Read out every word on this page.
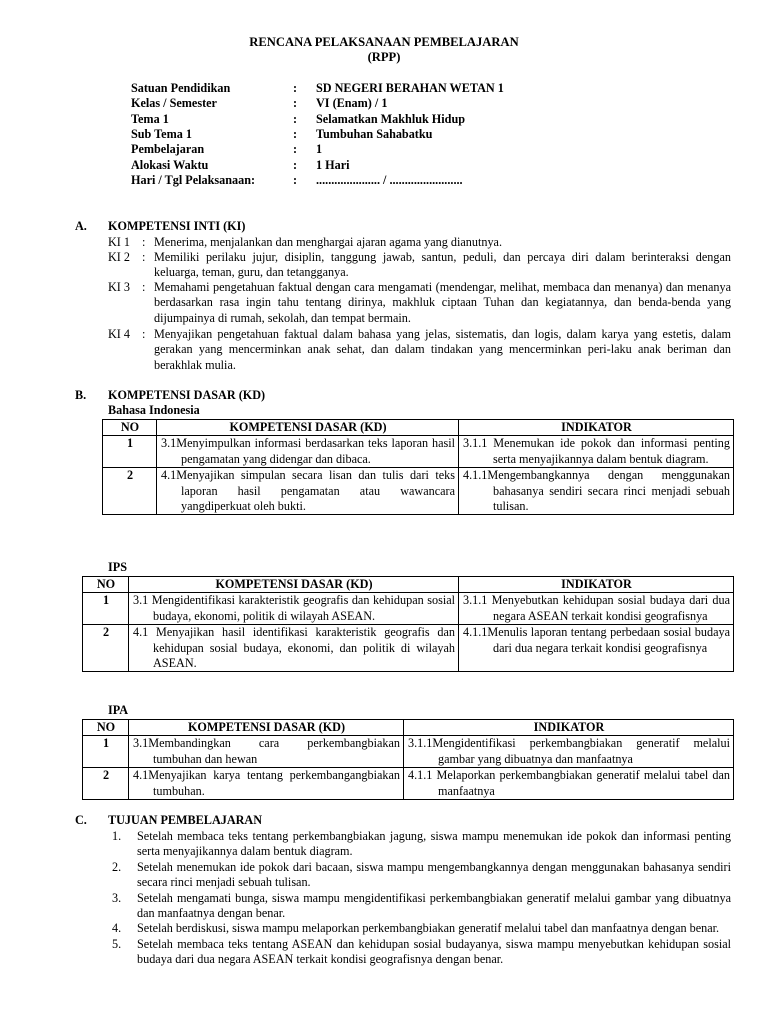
RENCANA PELAKSANAAN PEMBELAJARAN
(RPP)
Satuan Pendidikan	: SD NEGERI BERAHAN WETAN 1
Kelas / Semester	: VI (Enam) / 1
Tema 1	: Selamatkan Makhluk Hidup
Sub Tema 1	: Tumbuhan Sahabatku
Pembelajaran	: 1
Alokasi Waktu	: 1 Hari
Hari / Tgl Pelaksanaan:	: ..................... / ........................
A. KOMPETENSI INTI (KI)
KI 1 : Menerima, menjalankan dan menghargai ajaran agama yang dianutnya.
KI 2 : Memiliki perilaku jujur, disiplin, tanggung jawab, santun, peduli, dan percaya diri dalam berinteraksi dengan keluarga, teman, guru, dan tetangganya.
KI 3 : Memahami pengetahuan faktual dengan cara mengamati (mendengar, melihat, membaca dan menanya) dan menanya berdasarkan rasa ingin tahu tentang dirinya, makhluk ciptaan Tuhan dan kegiatannya, dan benda-benda yang dijumpainya di rumah, sekolah, dan tempat bermain.
KI 4 : Menyajikan pengetahuan faktual dalam bahasa yang jelas, sistematis, dan logis, dalam karya yang estetis, dalam gerakan yang mencerminkan anak sehat, dan dalam tindakan yang mencerminkan peri-laku anak beriman dan berakhlak mulia.
B. KOMPETENSI DASAR (KD)
Bahasa Indonesia
NO	KOMPETENSI DASAR (KD)	INDIKATOR
1	3.1Menyimpulkan informasi berdasarkan teks laporan hasil pengamatan yang didengar dan dibaca.	3.1.1 Menemukan ide pokok dan informasi penting serta menyajikannya dalam bentuk diagram.

2	4.1Menyajikan simpulan secara lisan dan tulis dari teks laporan hasil pengamatan atau wawancara yangdiperkuat oleh bukti.	4.1.1Mengembangkannya dengan menggunakan bahasanya sendiri secara rinci menjadi sebuah tulisan.
IPS
NO	KOMPETENSI DASAR (KD)	INDIKATOR
1	3.1 Mengidentifikasi karakteristik geografis dan kehidupan sosial budaya, ekonomi, politik di wilayah ASEAN.	3.1.1 Menyebutkan kehidupan sosial budaya dari dua negara ASEAN terkait kondisi geografisnya

2	4.1 Menyajikan hasil identifikasi karakteristik geografis dan kehidupan sosial budaya, ekonomi, dan politik di wilayah ASEAN.	4.1.1Menulis laporan tentang perbedaan sosial budaya dari dua negara terkait kondisi geografisnya
IPA
NO	KOMPETENSI DASAR (KD)	INDIKATOR
1	3.1Membandingkan cara perkembangbiakan tumbuhan dan hewan	3.1.1Mengidentifikasi perkembangbiakan generatif melalui gambar yang dibuatnya dan manfaatnya

2	4.1Menyajikan karya tentang perkembangangbiakan tumbuhan.	4.1.1 Melaporkan perkembangbiakan generatif melalui tabel dan manfaatnya
C. TUJUAN PEMBELAJARAN
1. Setelah membaca teks tentang perkembangbiakan jagung, siswa mampu menemukan ide pokok dan informasi penting serta menyajikannya dalam bentuk diagram.
2. Setelah menemukan ide pokok dari bacaan, siswa mampu mengembangkannya dengan menggunakan bahasanya sendiri secara rinci menjadi sebuah tulisan.
3. Setelah mengamati bunga, siswa mampu mengidentifikasi perkembangbiakan generatif melalui gambar yang dibuatnya dan manfaatnya dengan benar.
4. Setelah berdiskusi, siswa mampu melaporkan perkembangbiakan generatif melalui tabel dan manfaatnya dengan benar.
5. Setelah membaca teks tentang ASEAN dan kehidupan sosial budayanya, siswa mampu menyebutkan kehidupan sosial budaya dari dua negara ASEAN terkait kondisi geografisnya dengan benar.
